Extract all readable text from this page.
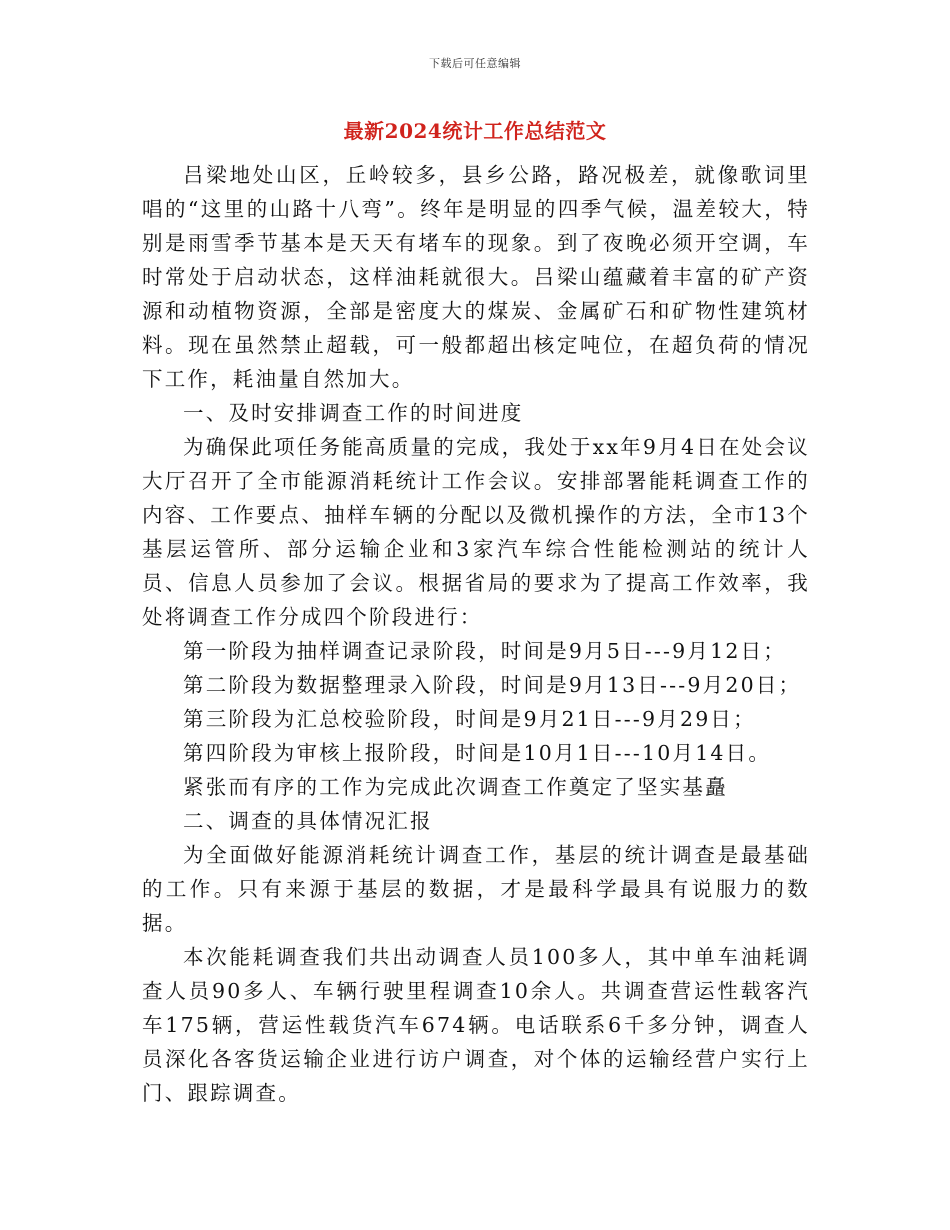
下载后可任意编辑
最新2024统计工作总结范文

吕梁地处山区，丘岭较多，县乡公路，路况极差，就像歌词里唱的“这里的山路十八弯”。终年是明显的四季气候，温差较大，特别是雨雪季节基本是天天有堵车的现象。到了夜晚必须开空调，车时常处于启动状态，这样油耗就很大。吕梁山蕴藏着丰富的矿产资源和动植物资源，全部是密度大的煤炭、金属矿石和矿物性建筑材料。现在虽然禁止超载，可一般都超出核定吨位，在超负荷的情况下工作，耗油量自然加大。

一、及时安排调查工作的时间进度

为确保此项任务能高质量的完成，我处于xx年9月4日在处会议大厅召开了全市能源消耗统计工作会议。安排部署能耗调查工作的内容、工作要点、抽样车辆的分配以及微机操作的方法，全市13个基层运管所、部分运输企业和3家汽车综合性能检测站的统计人员、信息人员参加了会议。根据省局的要求为了提高工作效率，我处将调查工作分成四个阶段进行：

第一阶段为抽样调查记录阶段，时间是9月5日---9月12日；

第二阶段为数据整理录入阶段，时间是9月13日---9月20日；

第三阶段为汇总校验阶段，时间是9月21日---9月29日；

第四阶段为审核上报阶段，时间是10月1日---10月14日。

紧张而有序的工作为完成此次调查工作奠定了坚实基矗

二、调查的具体情况汇报

为全面做好能源消耗统计调查工作，基层的统计调查是最基础的工作。只有来源于基层的数据，才是最科学最具有说服力的数据。

本次能耗调查我们共出动调查人员100多人，其中单车油耗调查人员90多人、车辆行驶里程调查10余人。共调查营运性载客汽车175辆，营运性载货汽车674辆。电话联系6千多分钟，调查人员深化各客货运输企业进行访户调查，对个体的运输经营户实行上门、跟踪调查。
